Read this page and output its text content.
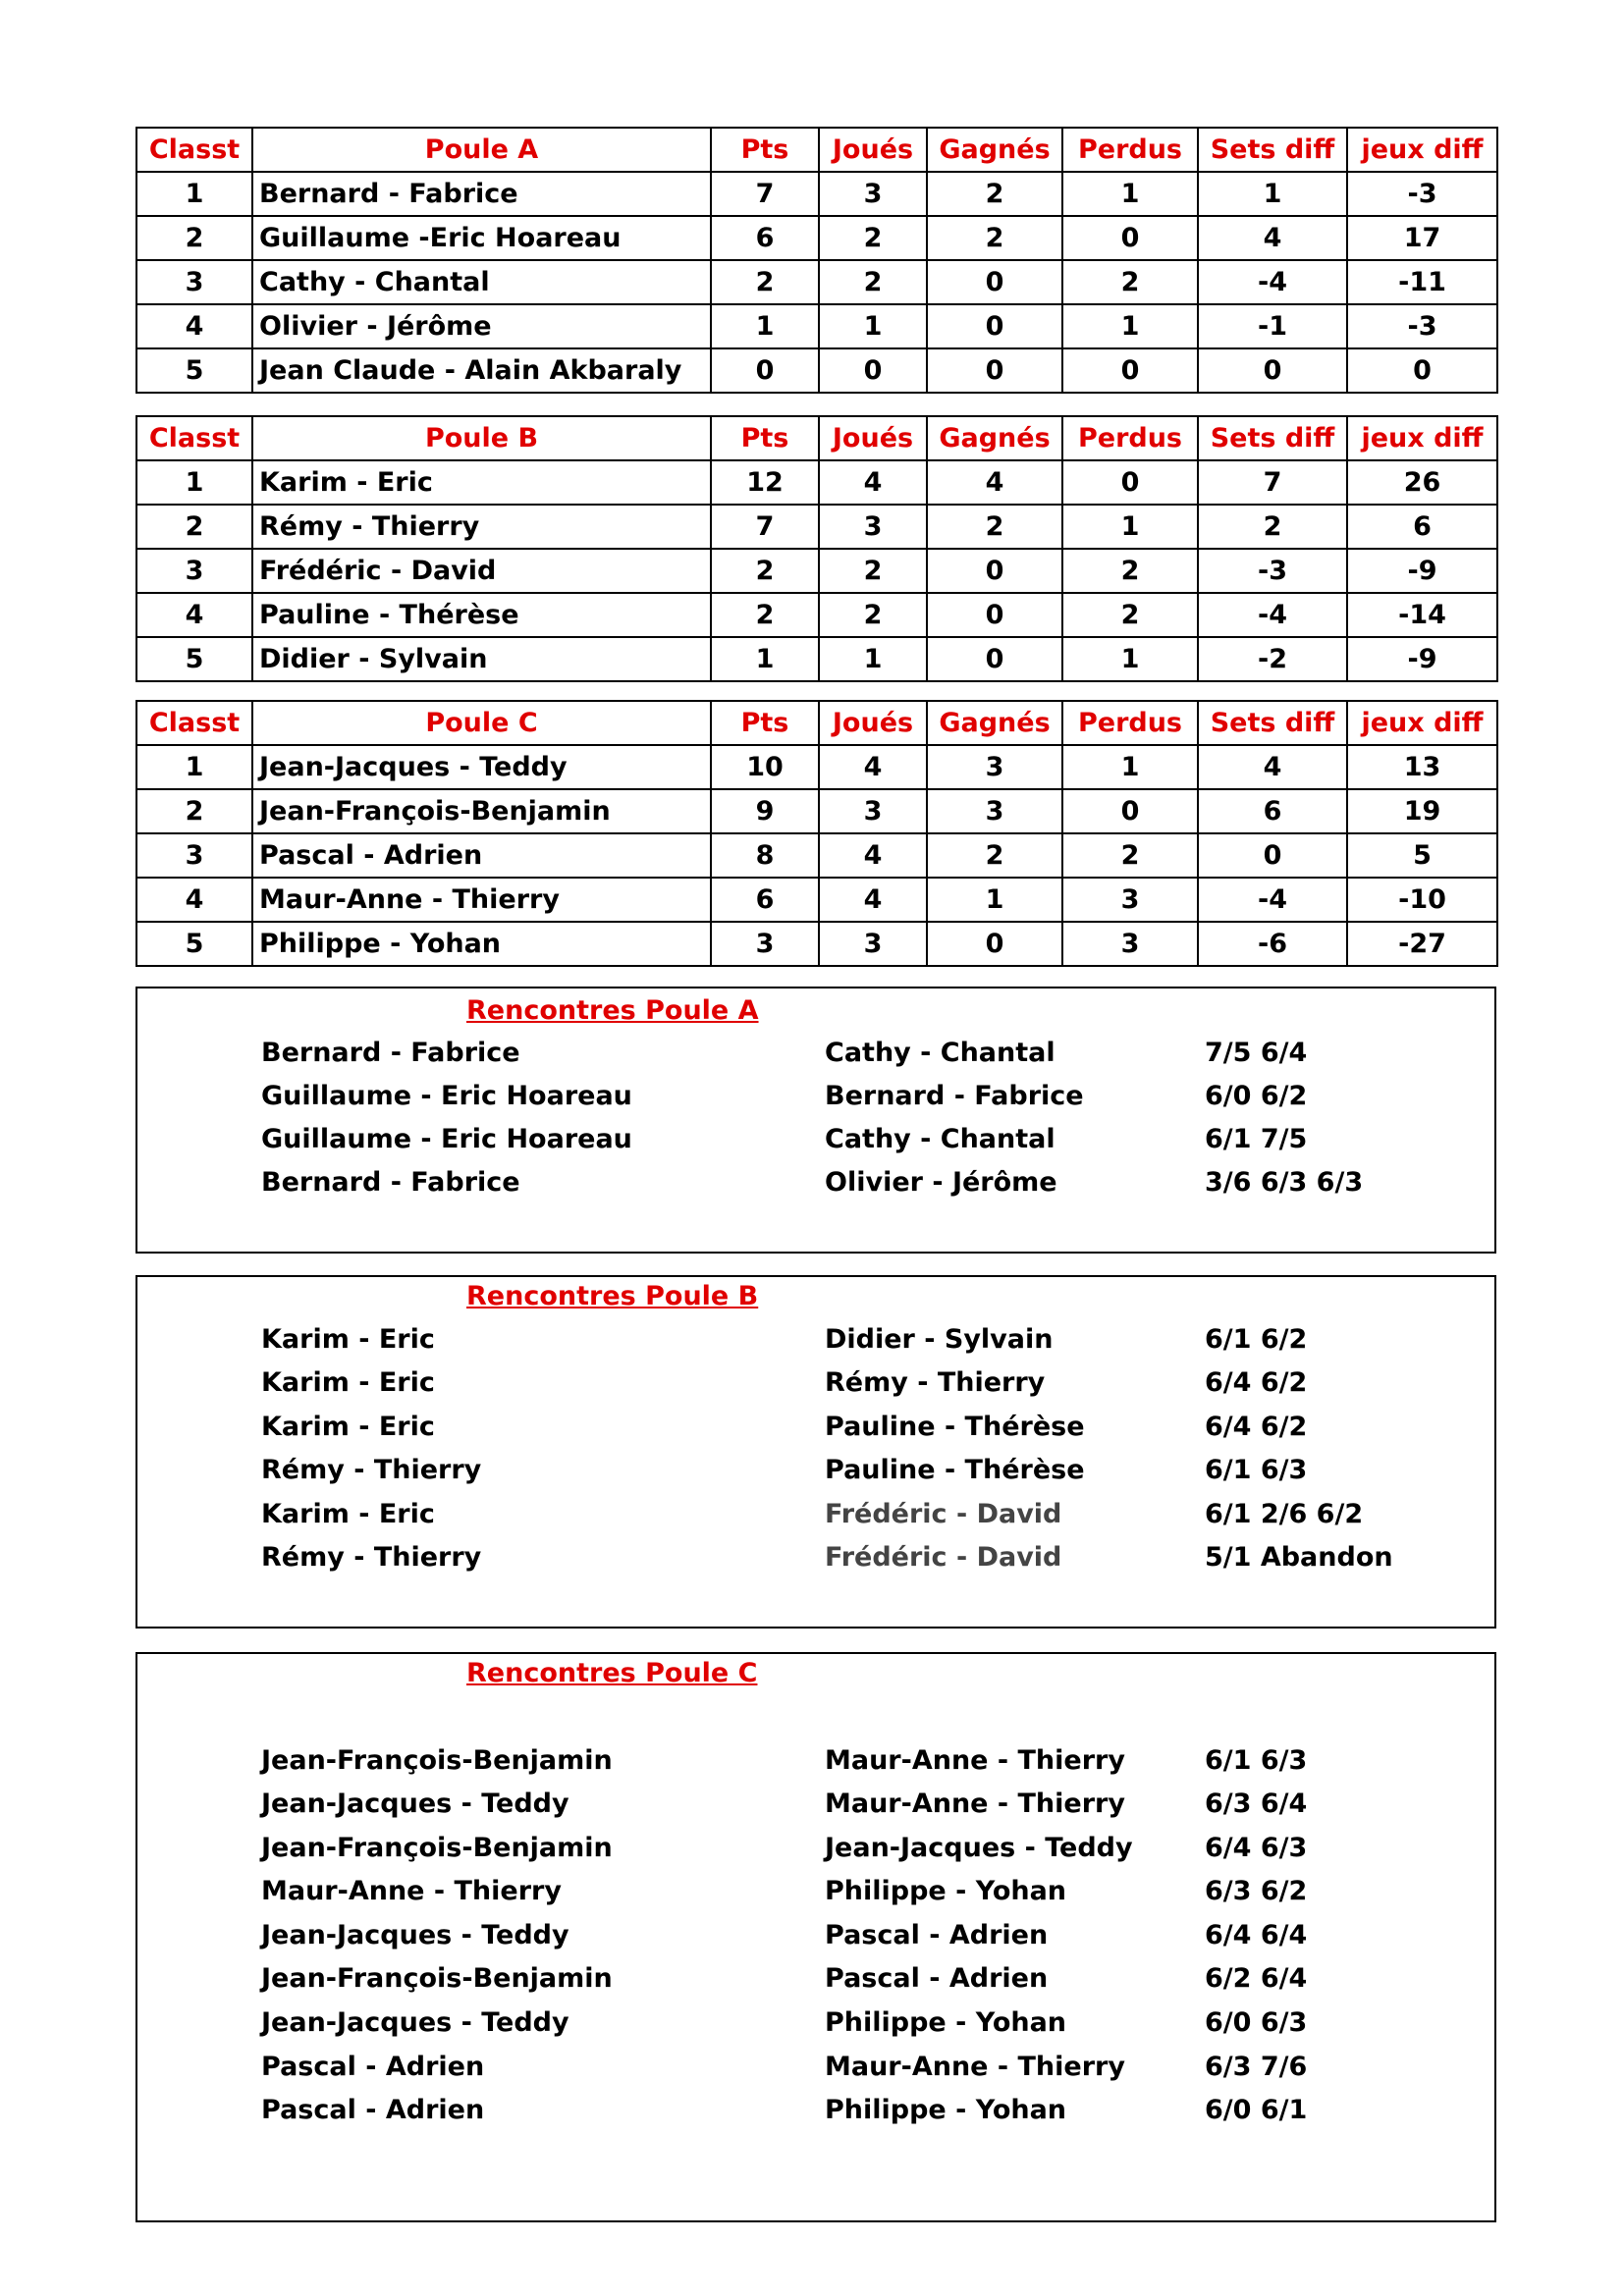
Classt	Poule A	Pts	Joués	Gagnés	Perdus	Sets diff	jeux diff
1	Bernard - Fabrice	7	3	2	1	1	-3
2	Guillaume -Eric Hoareau	6	2	2	0	4	17
3	Cathy - Chantal	2	2	0	2	-4	-11
4	Olivier - Jérôme	1	1	0	1	-1	-3
5	Jean Claude - Alain Akbaraly	0	0	0	0	0	0
Classt	Poule B	Pts	Joués	Gagnés	Perdus	Sets diff	jeux diff
1	Karim - Eric	12	4	4	0	7	26
2	Rémy - Thierry	7	3	2	1	2	6
3	Frédéric - David	2	2	0	2	-3	-9
4	Pauline - Thérèse	2	2	0	2	-4	-14
5	Didier - Sylvain	1	1	0	1	-2	-9
Classt	Poule C	Pts	Joués	Gagnés	Perdus	Sets diff	jeux diff
1	Jean-Jacques - Teddy	10	4	3	1	4	13
2	Jean-François-Benjamin	9	3	3	0	6	19
3	Pascal - Adrien	8	4	2	2	0	5
4	Maur-Anne - Thierry	6	4	1	3	-4	-10
5	Philippe - Yohan	3	3	0	3	-6	-27
Rencontres Poule A
Bernard - Fabrice	Cathy - Chantal	7/5 6/4
Guillaume - Eric Hoareau	Bernard - Fabrice	6/0 6/2
Guillaume - Eric Hoareau	Cathy - Chantal	6/1 7/5
Bernard - Fabrice	Olivier - Jérôme	3/6 6/3 6/3
Rencontres Poule B
Karim - Eric	Didier - Sylvain	6/1 6/2
Karim - Eric	Rémy - Thierry	6/4 6/2
Karim - Eric	Pauline - Thérèse	6/4 6/2
Rémy - Thierry	Pauline - Thérèse	6/1 6/3
Karim - Eric	Frédéric - David	6/1 2/6 6/2
Rémy - Thierry	Frédéric - David	5/1 Abandon
Rencontres Poule C
Jean-François-Benjamin	Maur-Anne - Thierry	6/1 6/3
Jean-Jacques - Teddy	Maur-Anne - Thierry	6/3 6/4
Jean-François-Benjamin	Jean-Jacques - Teddy	6/4 6/3
Maur-Anne - Thierry	Philippe - Yohan	6/3 6/2
Jean-Jacques - Teddy	Pascal - Adrien	6/4 6/4
Jean-François-Benjamin	Pascal - Adrien	6/2 6/4
Jean-Jacques - Teddy	Philippe - Yohan	6/0 6/3
Pascal - Adrien	Maur-Anne - Thierry	6/3 7/6
Pascal - Adrien	Philippe - Yohan	6/0 6/1
